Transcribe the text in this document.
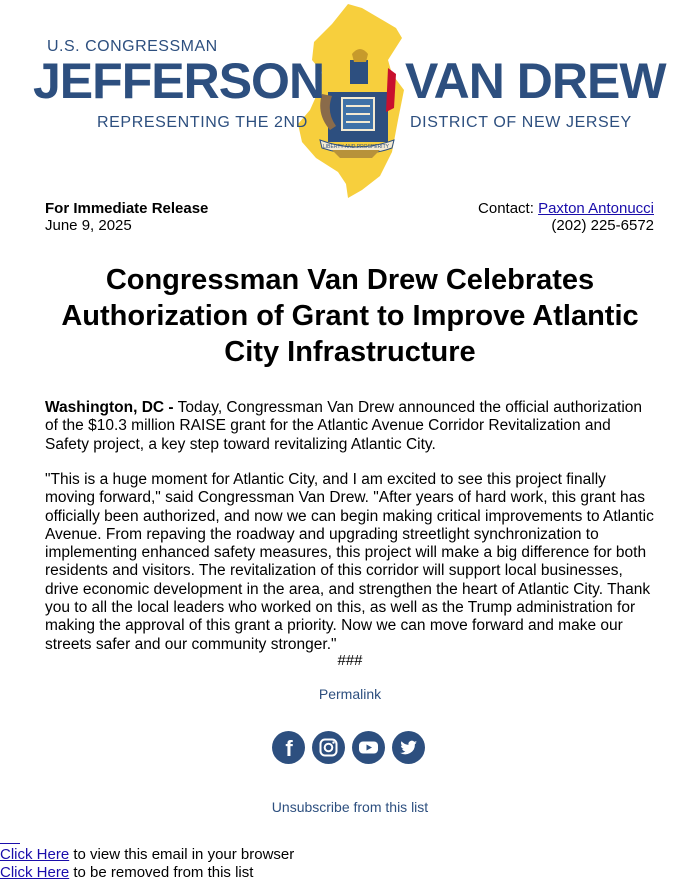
LIBERTY AND PROSPERITY
U.S. CONGRESSMAN
JEFFERSON VAN DREW
REPRESENTING THE 2ND	DISTRICT OF NEW JERSEY
For Immediate Release
June 9, 2025
Contact: Paxton Antonucci
(202) 225-6572
Congressman Van Drew Celebrates Authorization of Grant to Improve Atlantic City Infrastructure

Washington, DC - Today, Congressman Van Drew announced the official authorization of the $10.3 million RAISE grant for the Atlantic Avenue Corridor Revitalization and Safety project, a key step toward revitalizing Atlantic City.

"This is a huge moment for Atlantic City, and I am excited to see this project finally moving forward," said Congressman Van Drew. "After years of hard work, this grant has officially been authorized, and now we can begin making critical improvements to Atlantic Avenue. From repaving the roadway and upgrading streetlight synchronization to implementing enhanced safety measures, this project will make a big difference for both residents and visitors. The revitalization of this corridor will support local businesses, drive economic development in the area, and strengthen the heart of Atlantic City. Thank you to all the local leaders who worked on this, as well as the Trump administration for making the approval of this grant a priority. Now we can move forward and make our streets safer and our community stronger."

###
Permalink
f
Unsubscribe from this list
Click Here to view this email in your browser
Click Here to be removed from this list
